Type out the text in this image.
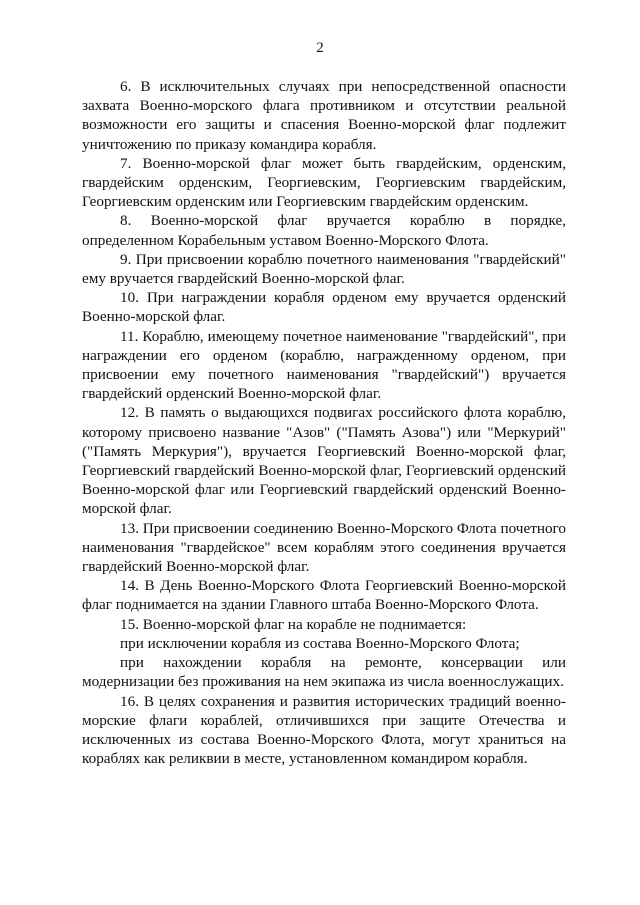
2

6. В исключительных случаях при непосредственной опасности захвата Военно-морского флага противником и отсутствии реальной возможности его защиты и спасения Военно-морской флаг подлежит уничтожению по приказу командира корабля.

7. Военно-морской флаг может быть гвардейским, орденским, гвардейским орденским, Георгиевским, Георгиевским гвардейским, Георгиевским орденским или Георгиевским гвардейским орденским.

8. Военно-морской флаг вручается кораблю в порядке, определенном Корабельным уставом Военно-Морского Флота.

9. При присвоении кораблю почетного наименования "гвардейский" ему вручается гвардейский Военно-морской флаг.

10. При награждении корабля орденом ему вручается орденский Военно-морской флаг.

11. Кораблю, имеющему почетное наименование "гвардейский", при награждении его орденом (кораблю, награжденному орденом, при присвоении ему почетного наименования "гвардейский") вручается гвардейский орденский Военно-морской флаг.

12. В память о выдающихся подвигах российского флота кораблю, которому присвоено название "Азов" ("Память Азова") или "Меркурий" ("Память Меркурия"), вручается Георгиевский Военно-морской флаг, Георгиевский гвардейский Военно-морской флаг, Георгиевский орденский Военно-морской флаг или Георгиевский гвардейский орденский Военно-морской флаг.

13. При присвоении соединению Военно-Морского Флота почетного наименования "гвардейское" всем кораблям этого соединения вручается гвардейский Военно-морской флаг.

14. В День Военно-Морского Флота Георгиевский Военно-морской флаг поднимается на здании Главного штаба Военно-Морского Флота.

15. Военно-морской флаг на корабле не поднимается:

при исключении корабля из состава Военно-Морского Флота;

при нахождении корабля на ремонте, консервации или модернизации без проживания на нем экипажа из числа военнослужащих.

16. В целях сохранения и развития исторических традиций военно-морские флаги кораблей, отличившихся при защите Отечества и исключенных из состава Военно-Морского Флота, могут храниться на кораблях как реликвии в месте, установленном командиром корабля.
